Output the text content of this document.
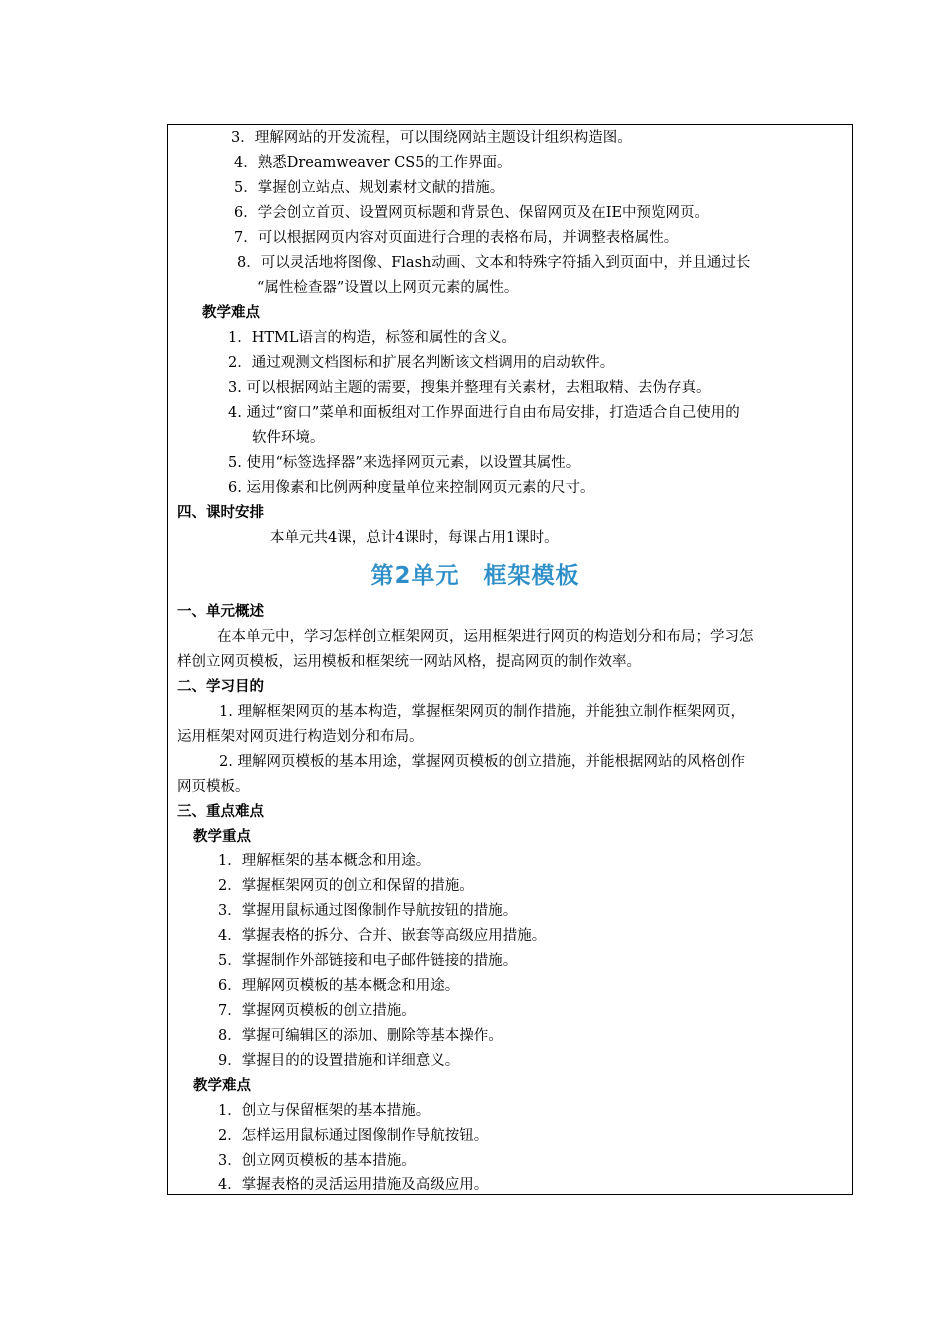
3．理解网站的开发流程，可以围绕网站主题设计组织构造图。
4．熟悉Dreamweaver CS5的工作界面。
5．掌握创立站点、规划素材文献的措施。
6．学会创立首页、设置网页标题和背景色、保留网页及在IE中预览网页。
7．可以根据网页内容对页面进行合理的表格布局，并调整表格属性。
8．可以灵活地将图像、Flash动画、文本和特殊字符插入到页面中，并且通过长
“属性检查器”设置以上网页元素的属性。
教学难点
1．HTML语言的构造，标签和属性的含义。
2．通过观测文档图标和扩展名判断该文档调用的启动软件。
3. 可以根据网站主题的需要，搜集并整理有关素材，去粗取精、去伪存真。
4. 通过“窗口”菜单和面板组对工作界面进行自由布局安排，打造适合自己使用的
软件环境。
5. 使用“标签选择器”来选择网页元素，以设置其属性。
6. 运用像素和比例两种度量单位来控制网页元素的尺寸。
四、课时安排
本单元共4课，总计4课时，每课占用1课时。
第2单元　框架模板
一、单元概述
在本单元中，学习怎样创立框架网页，运用框架进行网页的构造划分和布局；学习怎
样创立网页模板，运用模板和框架统一网站风格，提高网页的制作效率。
二、学习目的
1. 理解框架网页的基本构造，掌握框架网页的制作措施，并能独立制作框架网页，
运用框架对网页进行构造划分和布局。
2. 理解网页模板的基本用途，掌握网页模板的创立措施，并能根据网站的风格创作
网页模板。
三、重点难点
教学重点
1．理解框架的基本概念和用途。
2．掌握框架网页的创立和保留的措施。
3．掌握用鼠标通过图像制作导航按钮的措施。
4．掌握表格的拆分、合并、嵌套等高级应用措施。
5．掌握制作外部链接和电子邮件链接的措施。
6．理解网页模板的基本概念和用途。
7．掌握网页模板的创立措施。
8．掌握可编辑区的添加、删除等基本操作。
9．掌握目的的设置措施和详细意义。
教学难点
1．创立与保留框架的基本措施。
2．怎样运用鼠标通过图像制作导航按钮。
3．创立网页模板的基本措施。
4．掌握表格的灵活运用措施及高级应用。
